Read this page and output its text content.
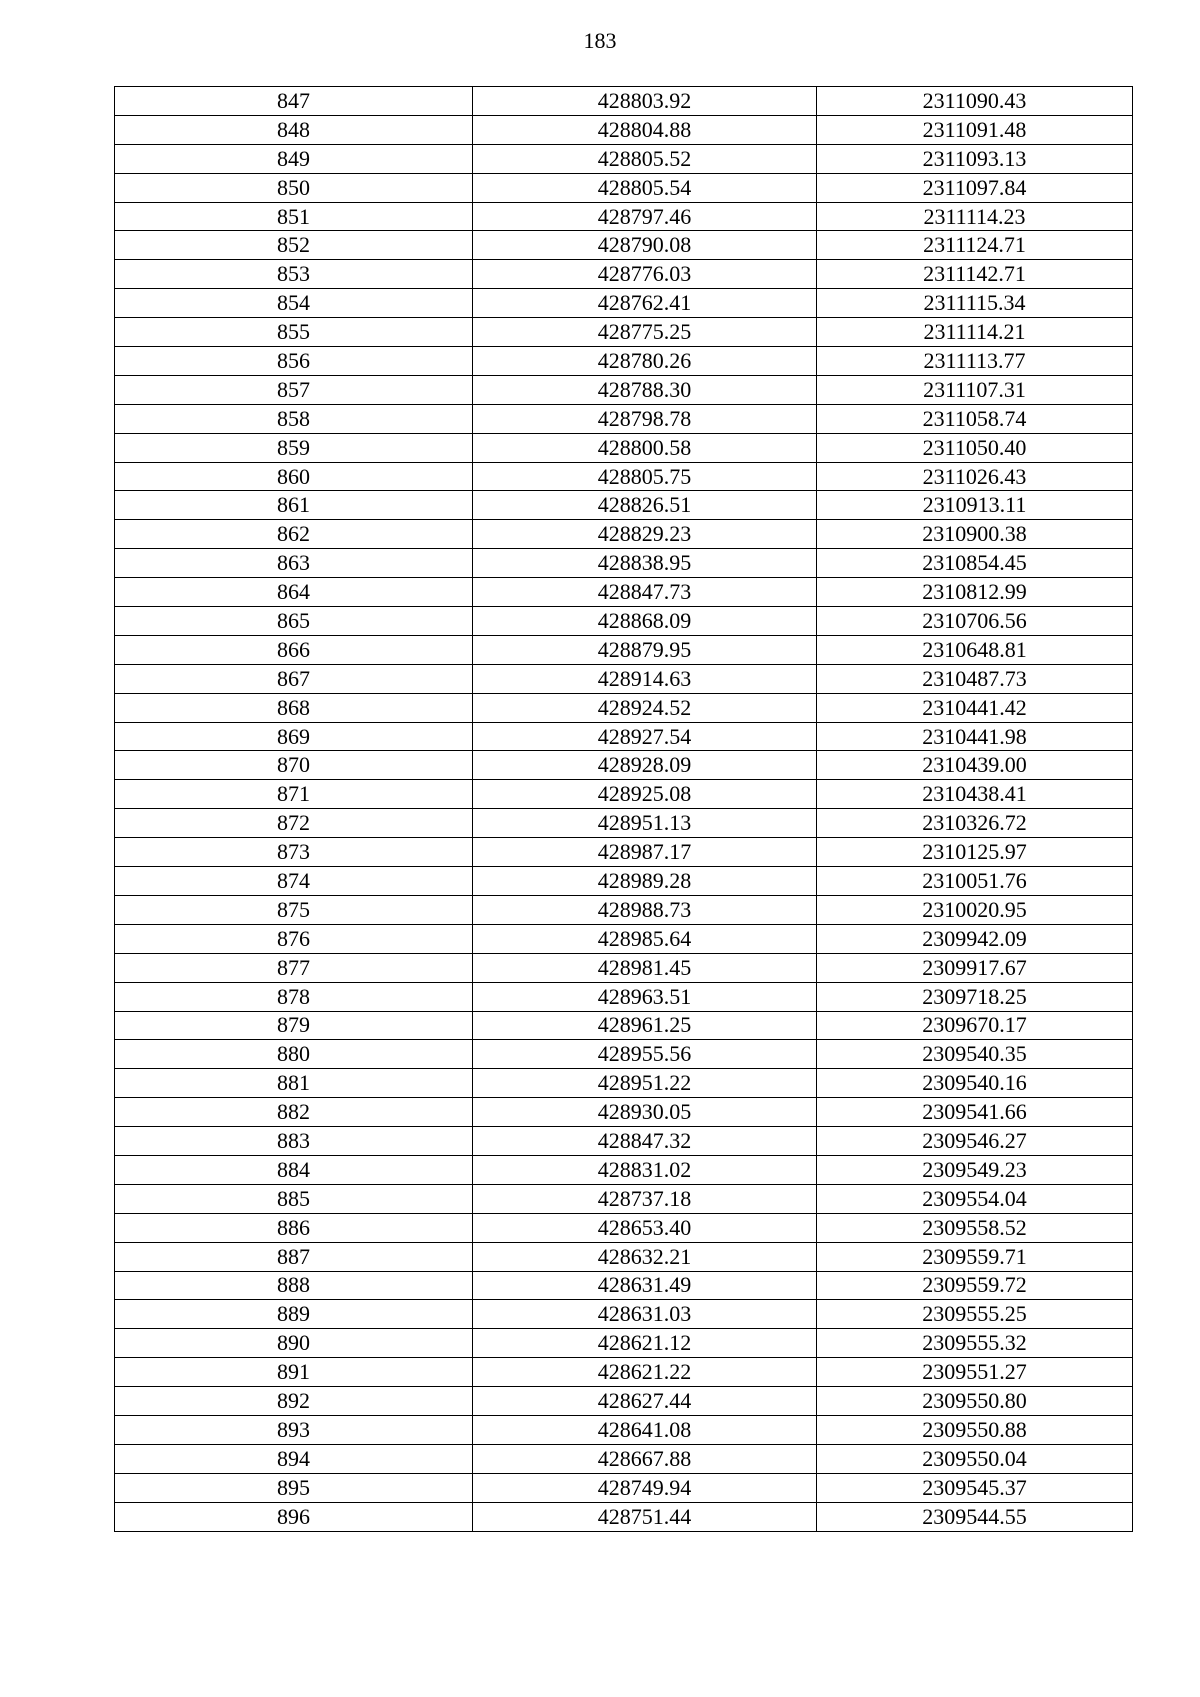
183
847	428803.92	2311090.43
848	428804.88	2311091.48
849	428805.52	2311093.13
850	428805.54	2311097.84
851	428797.46	2311114.23
852	428790.08	2311124.71
853	428776.03	2311142.71
854	428762.41	2311115.34
855	428775.25	2311114.21
856	428780.26	2311113.77
857	428788.30	2311107.31
858	428798.78	2311058.74
859	428800.58	2311050.40
860	428805.75	2311026.43
861	428826.51	2310913.11
862	428829.23	2310900.38
863	428838.95	2310854.45
864	428847.73	2310812.99
865	428868.09	2310706.56
866	428879.95	2310648.81
867	428914.63	2310487.73
868	428924.52	2310441.42
869	428927.54	2310441.98
870	428928.09	2310439.00
871	428925.08	2310438.41
872	428951.13	2310326.72
873	428987.17	2310125.97
874	428989.28	2310051.76
875	428988.73	2310020.95
876	428985.64	2309942.09
877	428981.45	2309917.67
878	428963.51	2309718.25
879	428961.25	2309670.17
880	428955.56	2309540.35
881	428951.22	2309540.16
882	428930.05	2309541.66
883	428847.32	2309546.27
884	428831.02	2309549.23
885	428737.18	2309554.04
886	428653.40	2309558.52
887	428632.21	2309559.71
888	428631.49	2309559.72
889	428631.03	2309555.25
890	428621.12	2309555.32
891	428621.22	2309551.27
892	428627.44	2309550.80
893	428641.08	2309550.88
894	428667.88	2309550.04
895	428749.94	2309545.37
896	428751.44	2309544.55
